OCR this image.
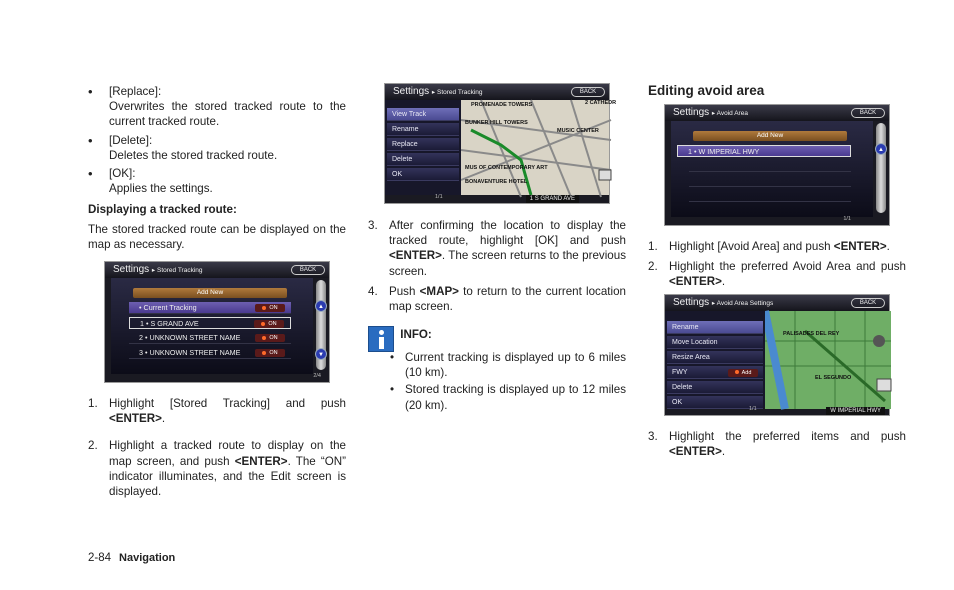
• [Replace]:
Overwrites the stored tracked route to the current tracked route.
• [Delete]:
Deletes the stored tracked route.
• [OK]:
Applies the settings.
Displaying a tracked route:
The stored tracked route can be displayed on the map as necessary.
Settings ▸ Stored Tracking	BACK
Add New
• Current Tracking	ON
1 • S GRAND AVE	ON
2 • UNKNOWN STREET NAME	ON
3 • UNKNOWN STREET NAME	ON
▲
▼
2/4
1. Highlight [Stored Tracking] and push <ENTER>.
2. Highlight a tracked route to display on the map screen, and push <ENTER>. The “ON” indicator illuminates, and the Edit screen is displayed.
Settings ▸ Stored Tracking	BACK
PROMENADE TOWERS
BUNKER HILL TOWERS
MUSIC CENTER
MUS OF CONTEMPORARY ART
BONAVENTURE HOTEL
2 CATHEDR
View Track
Rename
Replace
Delete
OK
1 S GRAND AVE
1/1
3. After confirming the location to display the tracked route, highlight [OK] and push <ENTER>. The screen returns to the previous screen.
4. Push <MAP> to return to the current location map screen.
INFO:
• Current tracking is displayed up to 6 miles (10 km).
• Stored tracking is displayed up to 12 miles (20 km).
Editing avoid area
Settings ▸ Avoid Area	BACK
Add New
1 • W IMPERIAL HWY	▲
1/1
1. Highlight [Avoid Area] and push <ENTER>.
2. Highlight the preferred Avoid Area and push <ENTER>.
Settings ▸ Avoid Area Settings	BACK
PALISADES DEL REY
EL SEGUNDO
Rename
Move Location
Resize Area
FWY	Add
Delete
OK
W IMPERIAL HWY
1/1
3. Highlight the preferred items and push <ENTER>.
2-84 Navigation
